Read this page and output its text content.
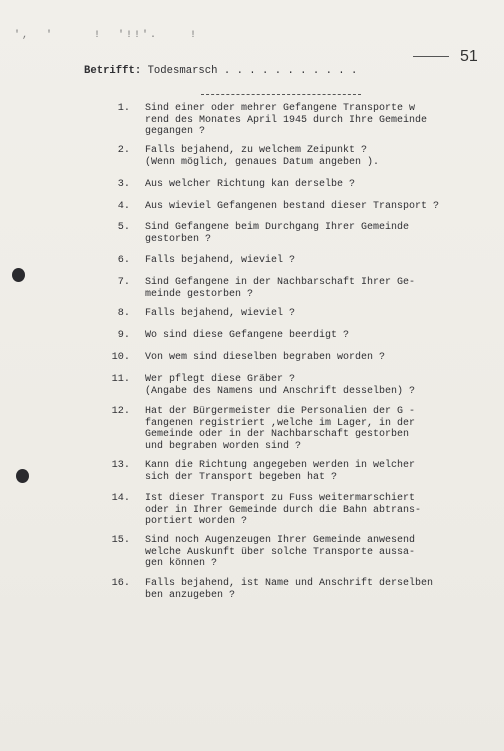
',  '     !  '!!'.    !
51
Betrifft: Todesmarsch . . . . . . . . . . .
1. Sind einer oder mehrer Gefangene Transporte w
rend des Monates April 1945 durch Ihre Gemeinde
gegangen ?
2. Falls bejahend, zu welchem Zeipunkt ?
(Wenn möglich, genaues Datum angeben ).
3. Aus welcher Richtung kan derselbe ?
4. Aus wieviel Gefangenen bestand dieser Transport ?
5. Sind Gefangene beim Durchgang Ihrer Gemeinde
gestorben ?
6. Falls bejahend, wieviel ?
7. Sind Gefangene in der Nachbarschaft Ihrer Ge-
meinde gestorben ?
8. Falls bejahend, wieviel ?
9. Wo sind diese Gefangene beerdigt ?
10. Von wem sind dieselben begraben worden ?
11. Wer pflegt diese Gräber ?
(Angabe des Namens und Anschrift desselben) ?
12. Hat der Bürgermeister die Personalien der G -
fangenen registriert ,welche im Lager, in der
Gemeinde oder in der Nachbarschaft gestorben
und begraben worden sind ?
13. Kann die Richtung angegeben werden in welcher
sich der Transport begeben hat ?
14. Ist dieser Transport zu Fuss weitermarschiert
oder in Ihrer Gemeinde durch die Bahn abtrans-
portiert worden ?
15. Sind noch Augenzeugen Ihrer Gemeinde anwesend
welche Auskunft über solche Transporte aussa-
gen können ?
16. Falls bejahend, ist Name und Anschrift derselben
ben anzugeben ?
